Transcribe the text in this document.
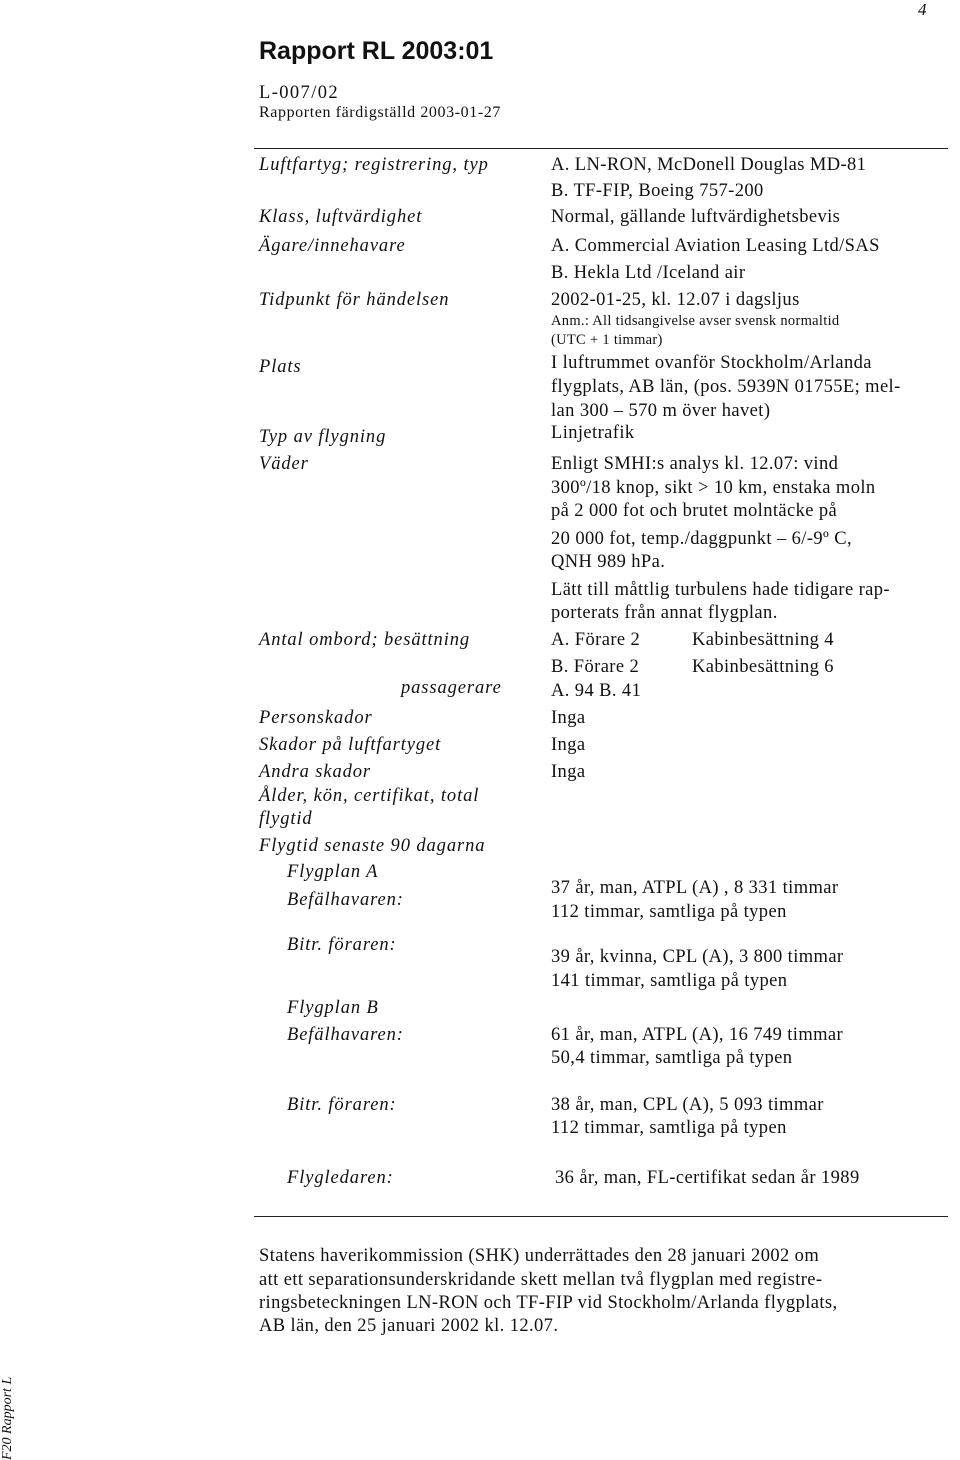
4
Rapport RL 2003:01
L-007/02
Rapporten färdigställd 2003-01-27
Luftfartyg; registrering, typ	A. LN-RON, McDonell Douglas MD-81
B. TF-FIP, Boeing 757-200
Klass, luftvärdighet	Normal, gällande luftvärdighetsbevis
Ägare/innehavare	A. Commercial Aviation Leasing Ltd/SAS
B. Hekla Ltd /Iceland air
Tidpunkt för händelsen	2002-01-25, kl. 12.07 i dagsljus
Anm.: All tidsangivelse avser svensk normaltid
(UTC + 1 timmar)
Plats	I luftrummet ovanför Stockholm/Arlanda
flygplats, AB län, (pos. 5939N 01755E; mel-
lan 300 – 570 m över havet)
Typ av flygning	Linjetrafik
Väder	Enligt SMHI:s analys kl. 12.07: vind
300º/18 knop, sikt > 10 km, enstaka moln
på 2 000 fot och brutet molntäcke på
20 000 fot, temp./daggpunkt – 6/-9º C,
QNH 989 hPa.
Lätt till måttlig turbulens hade tidigare rap-
porterats från annat flygplan.
Antal ombord; besättning	A. Förare 2	Kabinbesättning 4
B. Förare 2	Kabinbesättning 6
passagerare	A. 94 B. 41
Personskador	Inga
Skador på luftfartyget	Inga
Andra skador	Inga
Ålder, kön, certifikat, total
flygtid
Flygtid senaste 90 dagarna
Flygplan A
Befälhavaren:
37 år, man, ATPL (A) , 8 331 timmar
112 timmar, samtliga på typen
Bitr. föraren:
39 år, kvinna, CPL (A), 3 800 timmar
141 timmar, samtliga på typen
Flygplan B
Befälhavaren:	61 år, man, ATPL (A), 16 749 timmar
50,4 timmar, samtliga på typen
Bitr. föraren:	38 år, man, CPL (A), 5 093 timmar
112 timmar, samtliga på typen
Flygledaren:	36 år, man, FL-certifikat sedan år 1989
Statens haverikommission (SHK) underrättades den 28 januari 2002 om
att ett separationsunderskridande skett mellan två flygplan med registre-
ringsbeteckningen LN-RON och TF-FIP vid Stockholm/Arlanda flygplats,
AB län, den 25 januari 2002 kl. 12.07.
F20 Rapport L
